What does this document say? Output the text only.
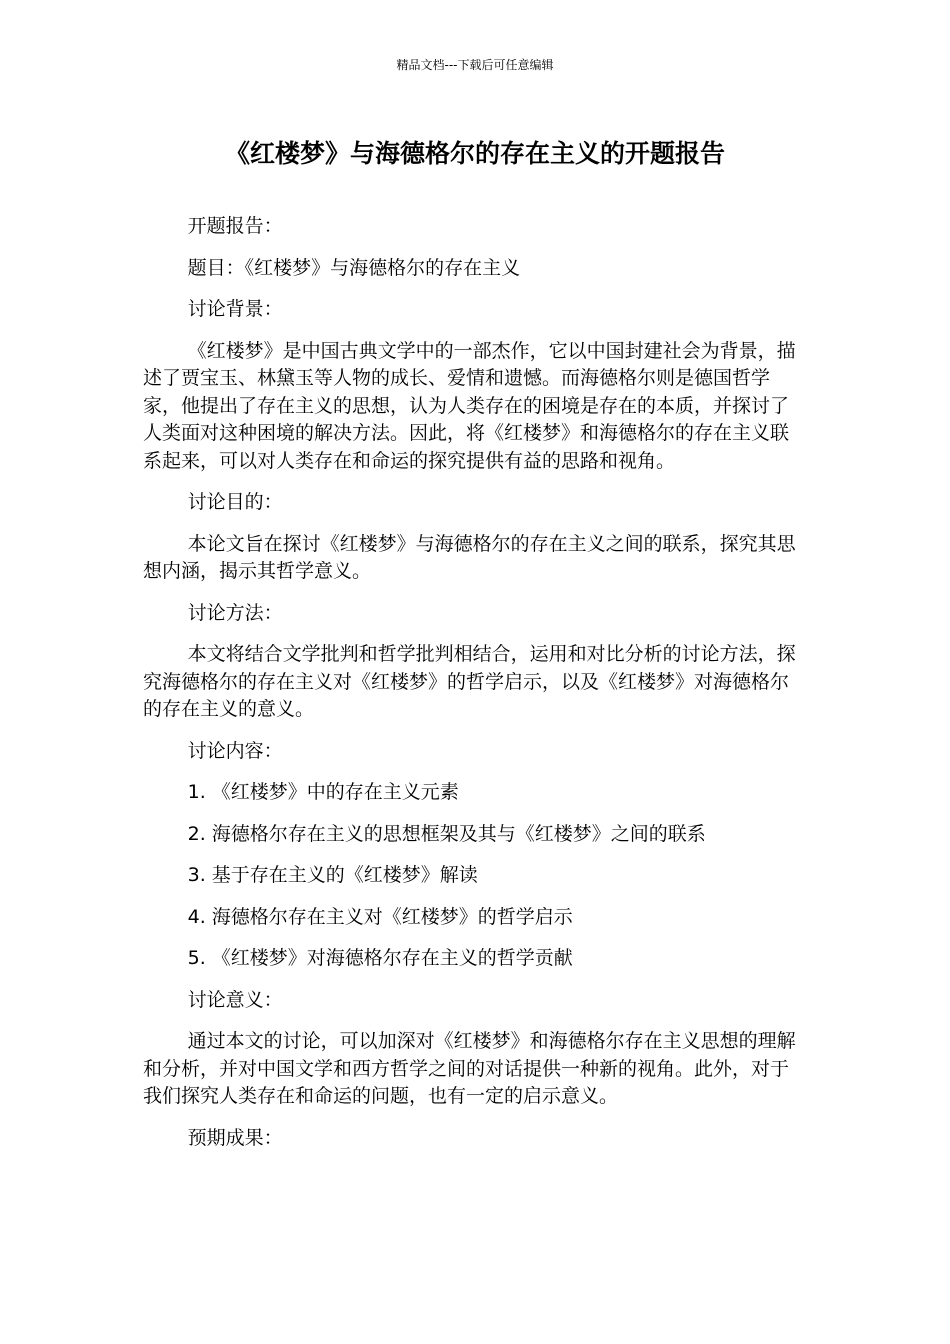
精品文档---下载后可任意编辑
《红楼梦》与海德格尔的存在主义的开题报告

开题报告：

题目：《红楼梦》与海德格尔的存在主义

讨论背景：

《红楼梦》是中国古典文学中的一部杰作，它以中国封建社会为背景，描述了贾宝玉、林黛玉等人物的成长、爱情和遗憾。而海德格尔则是德国哲学家，他提出了存在主义的思想，认为人类存在的困境是存在的本质，并探讨了人类面对这种困境的解决方法。因此，将《红楼梦》和海德格尔的存在主义联系起来，可以对人类存在和命运的探究提供有益的思路和视角。

讨论目的：

本论文旨在探讨《红楼梦》与海德格尔的存在主义之间的联系，探究其思想内涵，揭示其哲学意义。

讨论方法：

本文将结合文学批判和哲学批判相结合，运用和对比分析的讨论方法，探究海德格尔的存在主义对《红楼梦》的哲学启示，以及《红楼梦》对海德格尔的存在主义的意义。

讨论内容：

1. 《红楼梦》中的存在主义元素

2. 海德格尔存在主义的思想框架及其与《红楼梦》之间的联系

3. 基于存在主义的《红楼梦》解读

4. 海德格尔存在主义对《红楼梦》的哲学启示

5. 《红楼梦》对海德格尔存在主义的哲学贡献

讨论意义：

通过本文的讨论，可以加深对《红楼梦》和海德格尔存在主义思想的理解和分析，并对中国文学和西方哲学之间的对话提供一种新的视角。此外，对于我们探究人类存在和命运的问题，也有一定的启示意义。

预期成果：
